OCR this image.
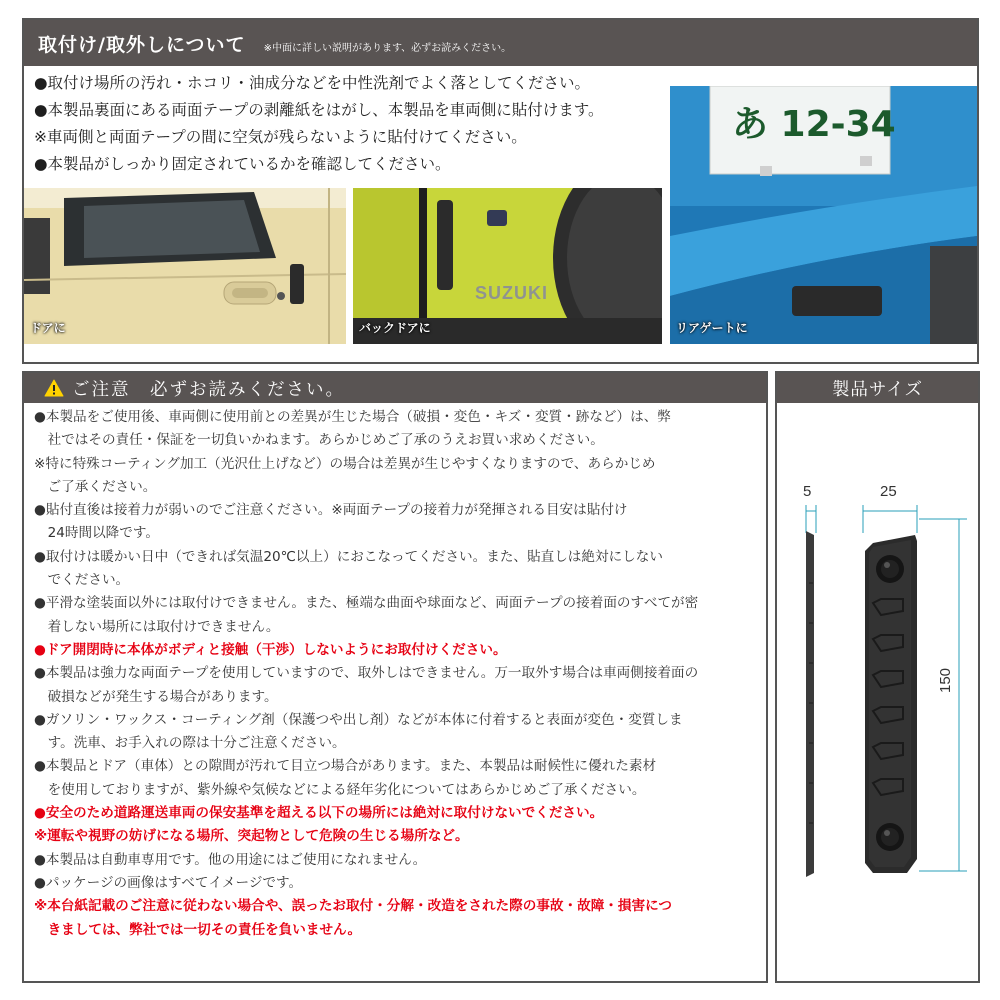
取付け/取外しについて ※中面に詳しい説明があります、必ずお読みください。
●取付け場所の汚れ・ホコリ・油成分などを中性洗剤でよく落としてください。
●本製品裏面にある両面テープの剥離紙をはがし、本製品を車両側に貼付けます。
※車両側と両面テープの間に空気が残らないように貼付けてください。
●本製品がしっかり固定されているかを確認してください。
ドアに
SUZUKI
バックドアに
あ 12-34
リアゲートに
ご注意　必ずお読みください。
●本製品をご使用後、車両側に使用前との差異が生じた場合（破損・変色・キズ・変質・跡など）は、弊
社ではその責任・保証を一切負いかねます。あらかじめご了承のうえお買い求めください。
※特に特殊コーティング加工（光沢仕上げなど）の場合は差異が生じやすくなりますので、あらかじめ
ご了承ください。
●貼付直後は接着力が弱いのでご注意ください。※両面テープの接着力が発揮される目安は貼付け
24時間以降です。
●取付けは暖かい日中（できれば気温20℃以上）におこなってください。また、貼直しは絶対にしない
でください。
●平滑な塗装面以外には取付けできません。また、極端な曲面や球面など、両面テープの接着面のすべてが密
着しない場所には取付けできません。
●ドア開閉時に本体がボディと接触（干渉）しないようにお取付けください。
●本製品は強力な両面テープを使用していますので、取外しはできません。万一取外す場合は車両側接着面の
破損などが発生する場合があります。
●ガソリン・ワックス・コーティング剤（保護つや出し剤）などが本体に付着すると表面が変色・変質しま
す。洗車、お手入れの際は十分ご注意ください。
●本製品とドア（車体）との隙間が汚れて目立つ場合があります。また、本製品は耐候性に優れた素材
を使用しておりますが、紫外線や気候などによる経年劣化についてはあらかじめご了承ください。
●安全のため道路運送車両の保安基準を超える以下の場所には絶対に取付けないでください。
※運転や視野の妨げになる場所、突起物として危険の生じる場所など。
●本製品は自動車専用です。他の用途にはご使用になれません。
●パッケージの画像はすべてイメージです。
※本台紙記載のご注意に従わない場合や、誤ったお取付・分解・改造をされた際の事故・故障・損害につ
きましては、弊社では一切その責任を負いません。
製品サイズ
5	25
150
